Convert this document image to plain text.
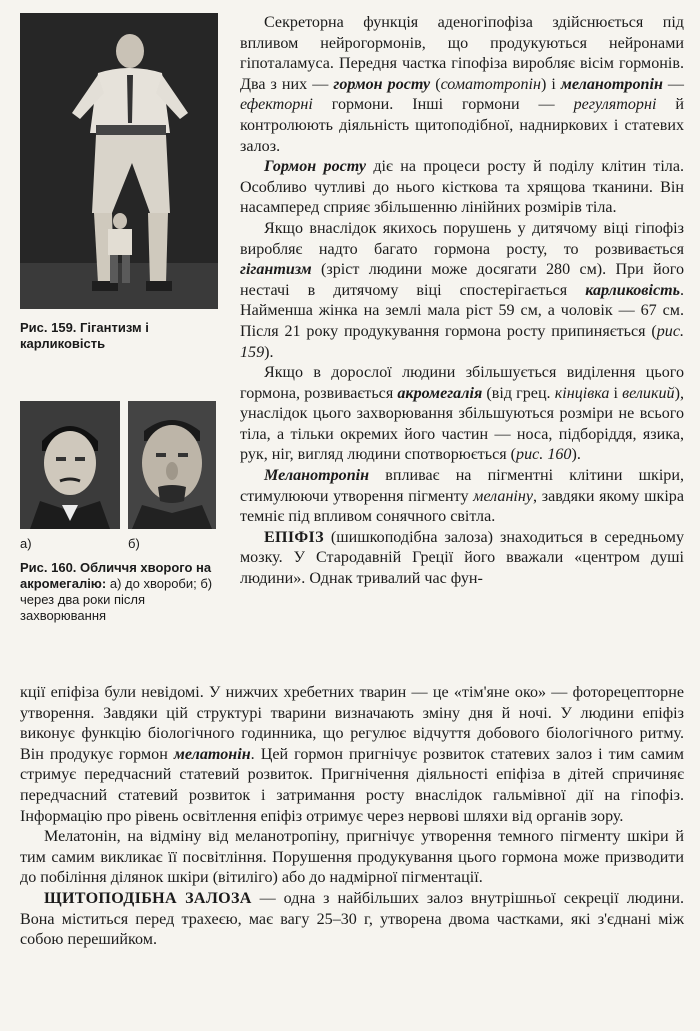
Рис. 159. Гігантизм і карликовість
а)	б)
Рис. 160. Обличчя хворого на акромегалію: а) до хвороби; б) через два роки після захворювання

Секреторна функція аденогіпофіза здійснюється під впливом нейрогормонів, що продукуються нейронами гіпоталамуса. Передня частка гіпофіза виробляє вісім гормонів. Два з них — гормон росту (соматотропін) і меланотропін — ефекторні гормони. Інші гормони — регуляторні й контролюють діяльність щитоподібної, надниркових і статевих залоз.

Гормон росту діє на процеси росту й поділу клітин тіла. Особливо чутливі до нього кісткова та хрящова тканини. Він насамперед сприяє збільшенню лінійних розмірів тіла.

Якщо внаслідок якихось порушень у дитячому віці гіпофіз виробляє надто багато гормона росту, то розвивається гігантизм (зріст людини може досягати 280 см). При його нестачі в дитячому віці спостерігається карликовість. Найменша жінка на землі мала ріст 59 см, а чоловік — 67 см. Після 21 року продукування гормона росту припиняється (рис. 159).

Якщо в дорослої людини збільшується виділення цього гормона, розвивається акромегалія (від грец. кінцівка і великий), унаслідок цього захворювання збільшуються розміри не всього тіла, а тільки окремих його частин — носа, підборіддя, язика, рук, ніг, вигляд людини спотворюється (рис. 160).

Меланотропін впливає на пігментні клітини шкіри, стимулюючи утворення пігменту меланіну, завдяки якому шкіра темніє під впливом сонячного світла.

ЕПІФІЗ (шишкоподібна залоза) знаходиться в середньому мозку. У Стародавній Греції його вважали «центром душі людини». Однак тривалий час фун-

кції епіфіза були невідомі. У нижчих хребетних тварин — це «тім'яне око» — фоторецепторне утворення. Завдяки цій структурі тварини визначають зміну дня й ночі. У людини епіфіз виконує функцію біологічного годинника, що регулює відчуття добового біологічного ритму. Він продукує гормон мелатонін. Цей гормон пригнічує розвиток статевих залоз і тим самим стримує передчасний статевий розвиток. Пригнічення діяльності епіфіза в дітей спричиняє передчасний статевий розвиток і затримання росту внаслідок гальмівної дії на гіпофіз. Інформацію про рівень освітлення епіфіз отримує через нервові шляхи від органів зору.

Мелатонін, на відміну від меланотропіну, пригнічує утворення темного пігменту шкіри й тим самим викликає її посвітління. Порушення продукування цього гормона може призводити до побіління ділянок шкіри (вітиліго) або до надмірної пігментації.

ЩИТОПОДІБНА ЗАЛОЗА — одна з найбільших залоз внутрішньої секреції людини. Вона міститься перед трахеєю, має вагу 25–30 г, утворена двома частками, які з'єднані між собою перешийком.
